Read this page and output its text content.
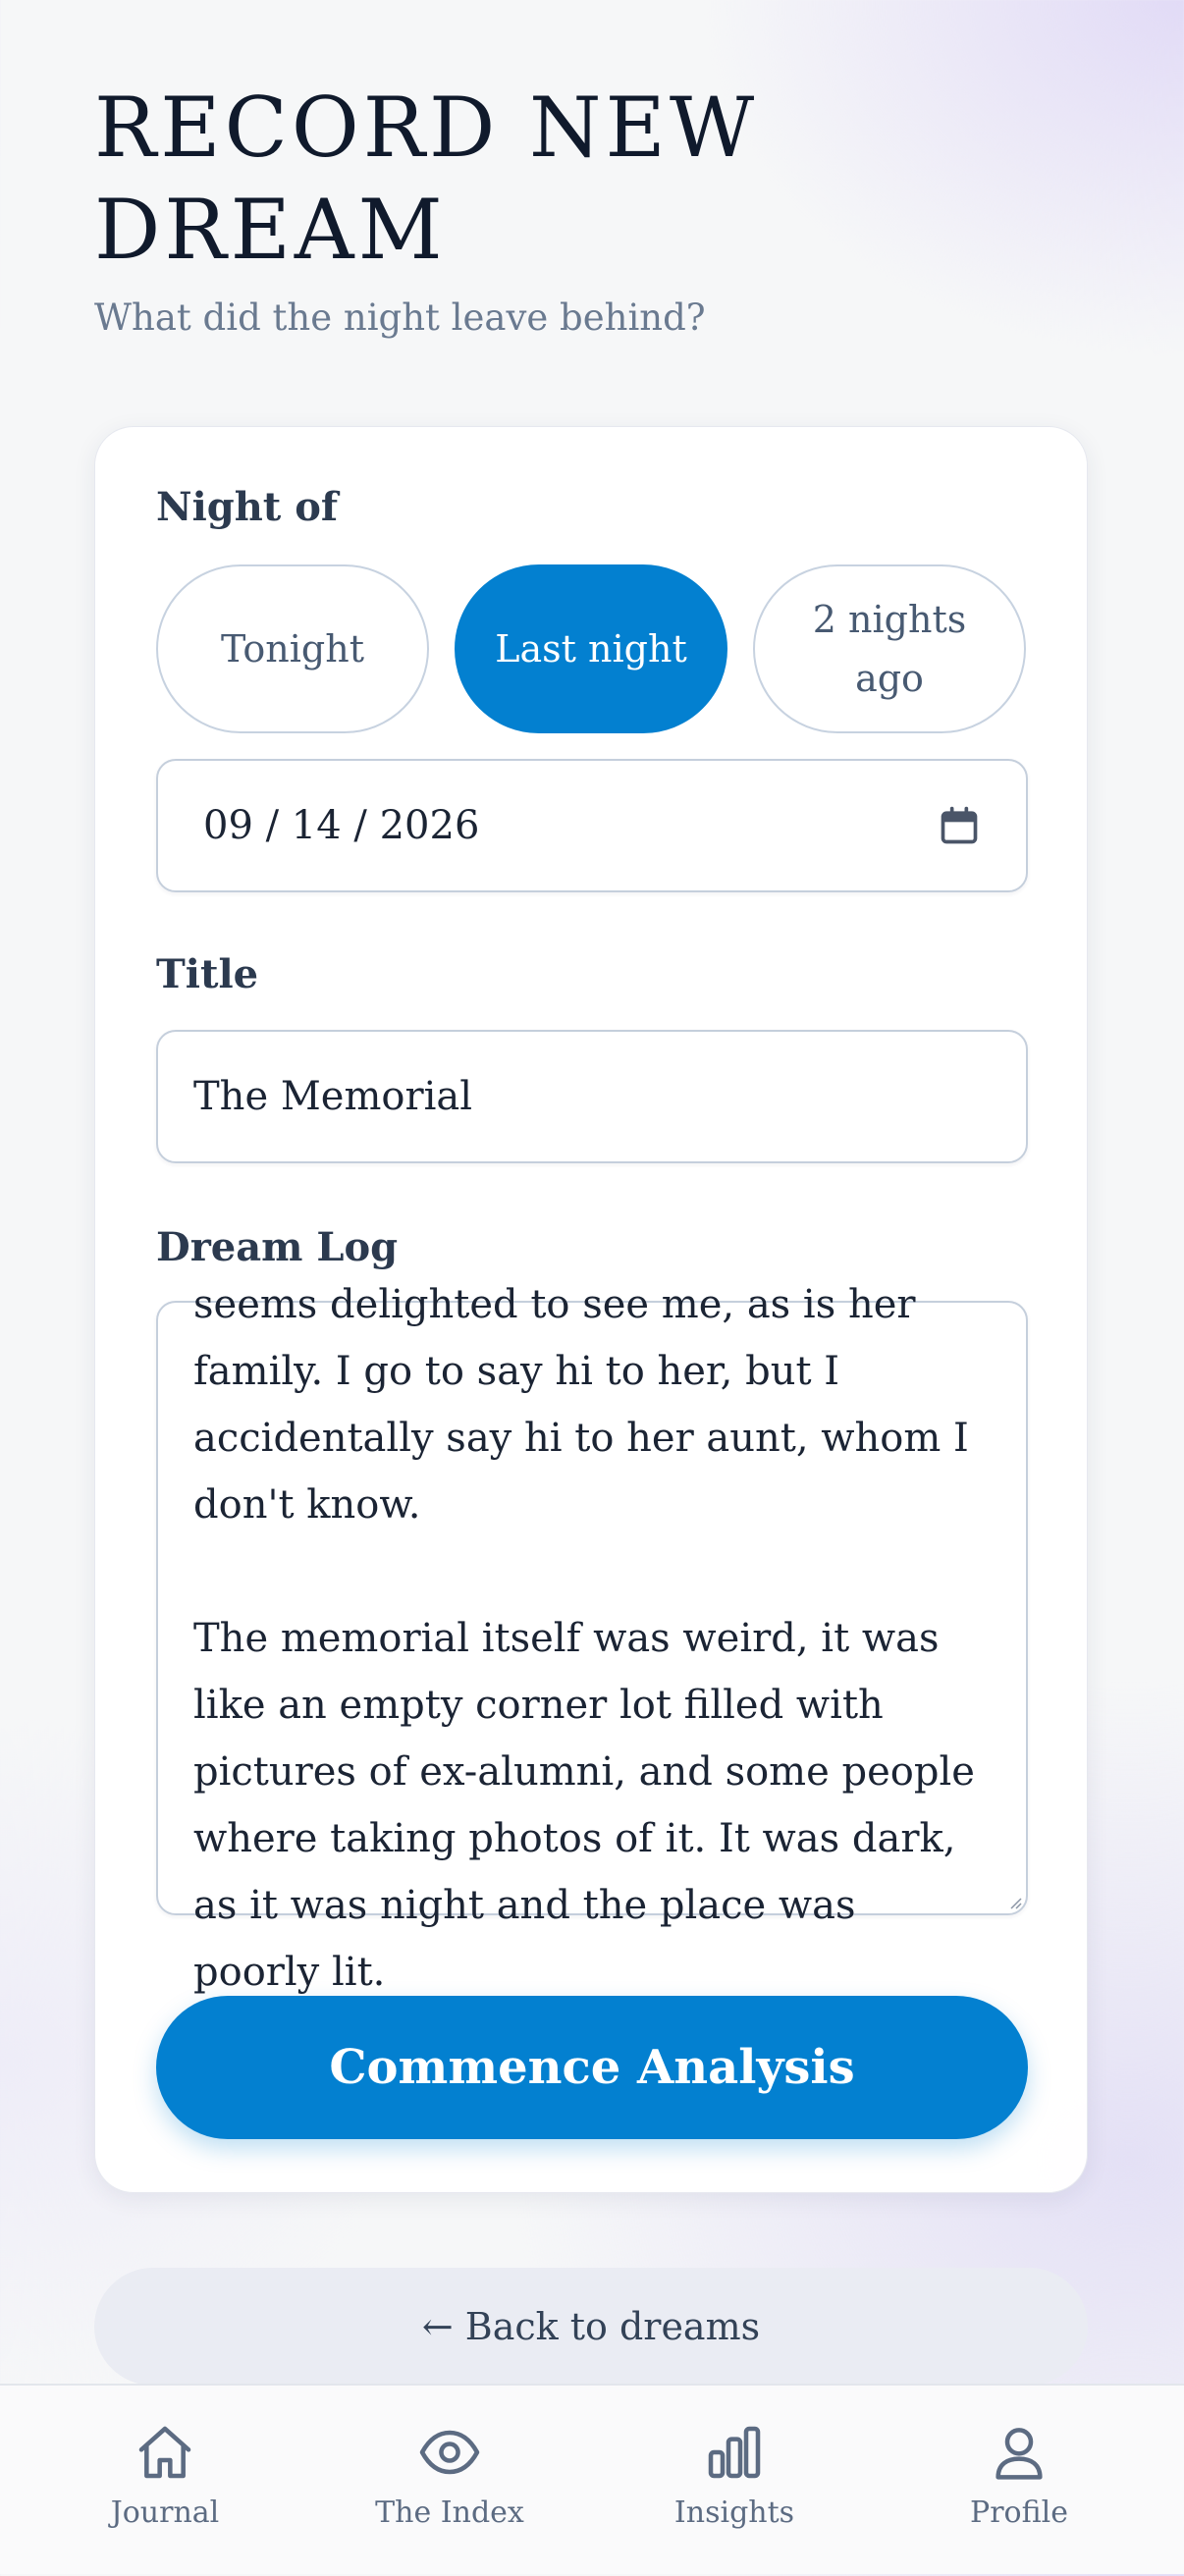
RECORD NEW DREAM

What did the night leave behind?

Night of

Tonight	Last night
2 nights ago
09 / 14 / 2026

Title

The Memorial

Dream Log

seems delighted to see me, as is her family. I go to say hi to her, but I accidentally say hi to her aunt, whom I don't know.

The memorial itself was weird, it was like an empty corner lot filled with pictures of ex-alumni, and some people where taking photos of it. It was dark, as it was night and the place was poorly lit.
Commence Analysis
← Back to dreams
Journal	The Index	Insights	Profile
